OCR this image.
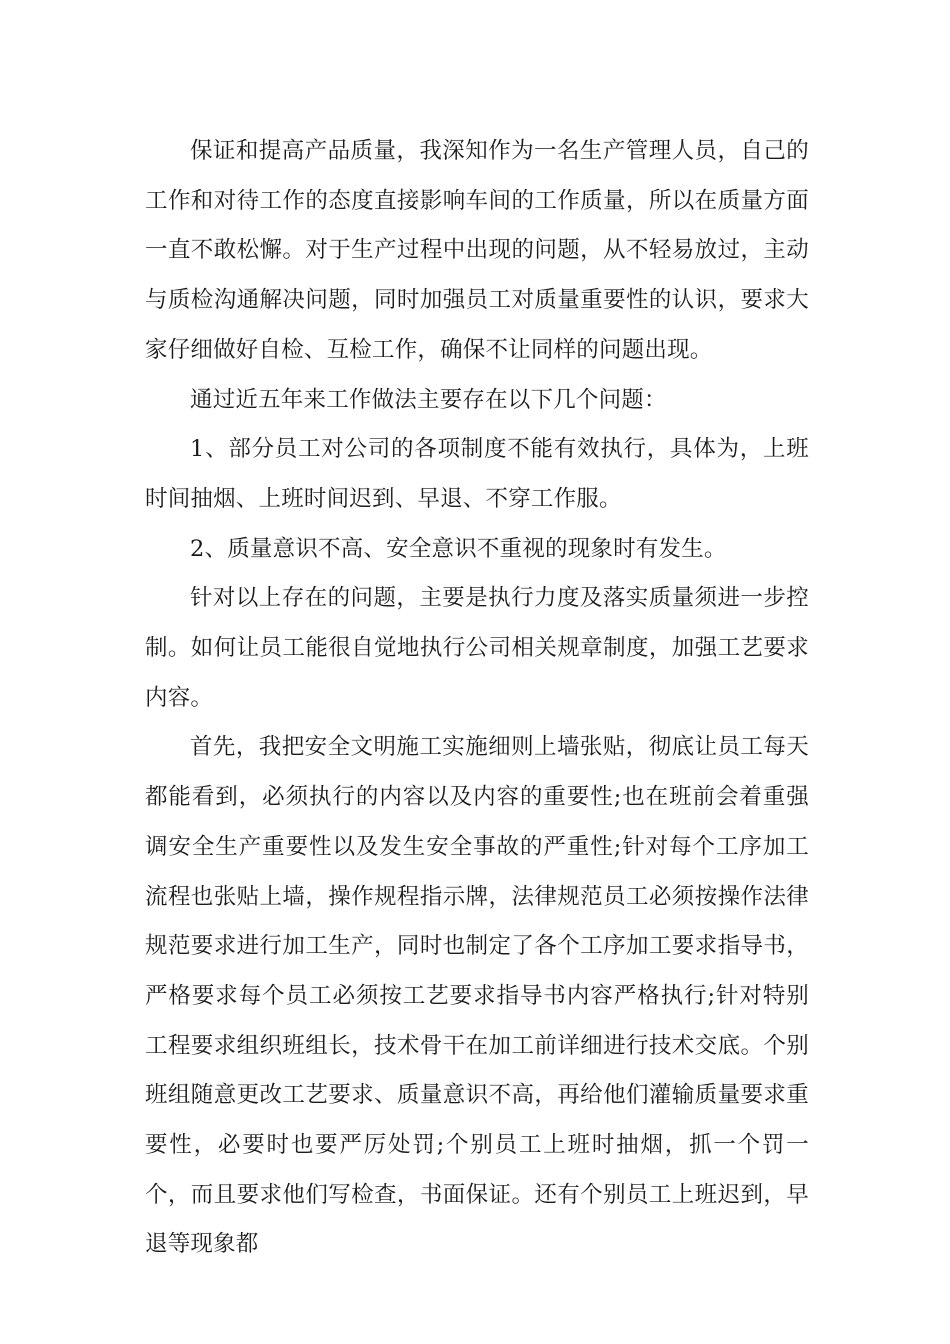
保证和提高产品质量，我深知作为一名生产管理人员，自己的工作和对待工作的态度直接影响车间的工作质量，所以在质量方面一直不敢松懈。对于生产过程中出现的问题，从不轻易放过，主动与质检沟通解决问题，同时加强员工对质量重要性的认识，要求大家仔细做好自检、互检工作，确保不让同样的问题出现。

通过近五年来工作做法主要存在以下几个问题：

1、部分员工对公司的各项制度不能有效执行，具体为，上班时间抽烟、上班时间迟到、早退、不穿工作服。

2、质量意识不高、安全意识不重视的现象时有发生。

针对以上存在的问题，主要是执行力度及落实质量须进一步控制。如何让员工能很自觉地执行公司相关规章制度，加强工艺要求内容。

首先，我把安全文明施工实施细则上墙张贴，彻底让员工每天都能看到，必须执行的内容以及内容的重要性;也在班前会着重强调安全生产重要性以及发生安全事故的严重性;针对每个工序加工流程也张贴上墙，操作规程指示牌，法律规范员工必须按操作法律规范要求进行加工生产，同时也制定了各个工序加工要求指导书，严格要求每个员工必须按工艺要求指导书内容严格执行;针对特别工程要求组织班组长，技术骨干在加工前详细进行技术交底。个别班组随意更改工艺要求、质量意识不高，再给他们灌输质量要求重要性，必要时也要严厉处罚;个别员工上班时抽烟，抓一个罚一个，而且要求他们写检查，书面保证。还有个别员工上班迟到，早退等现象都
